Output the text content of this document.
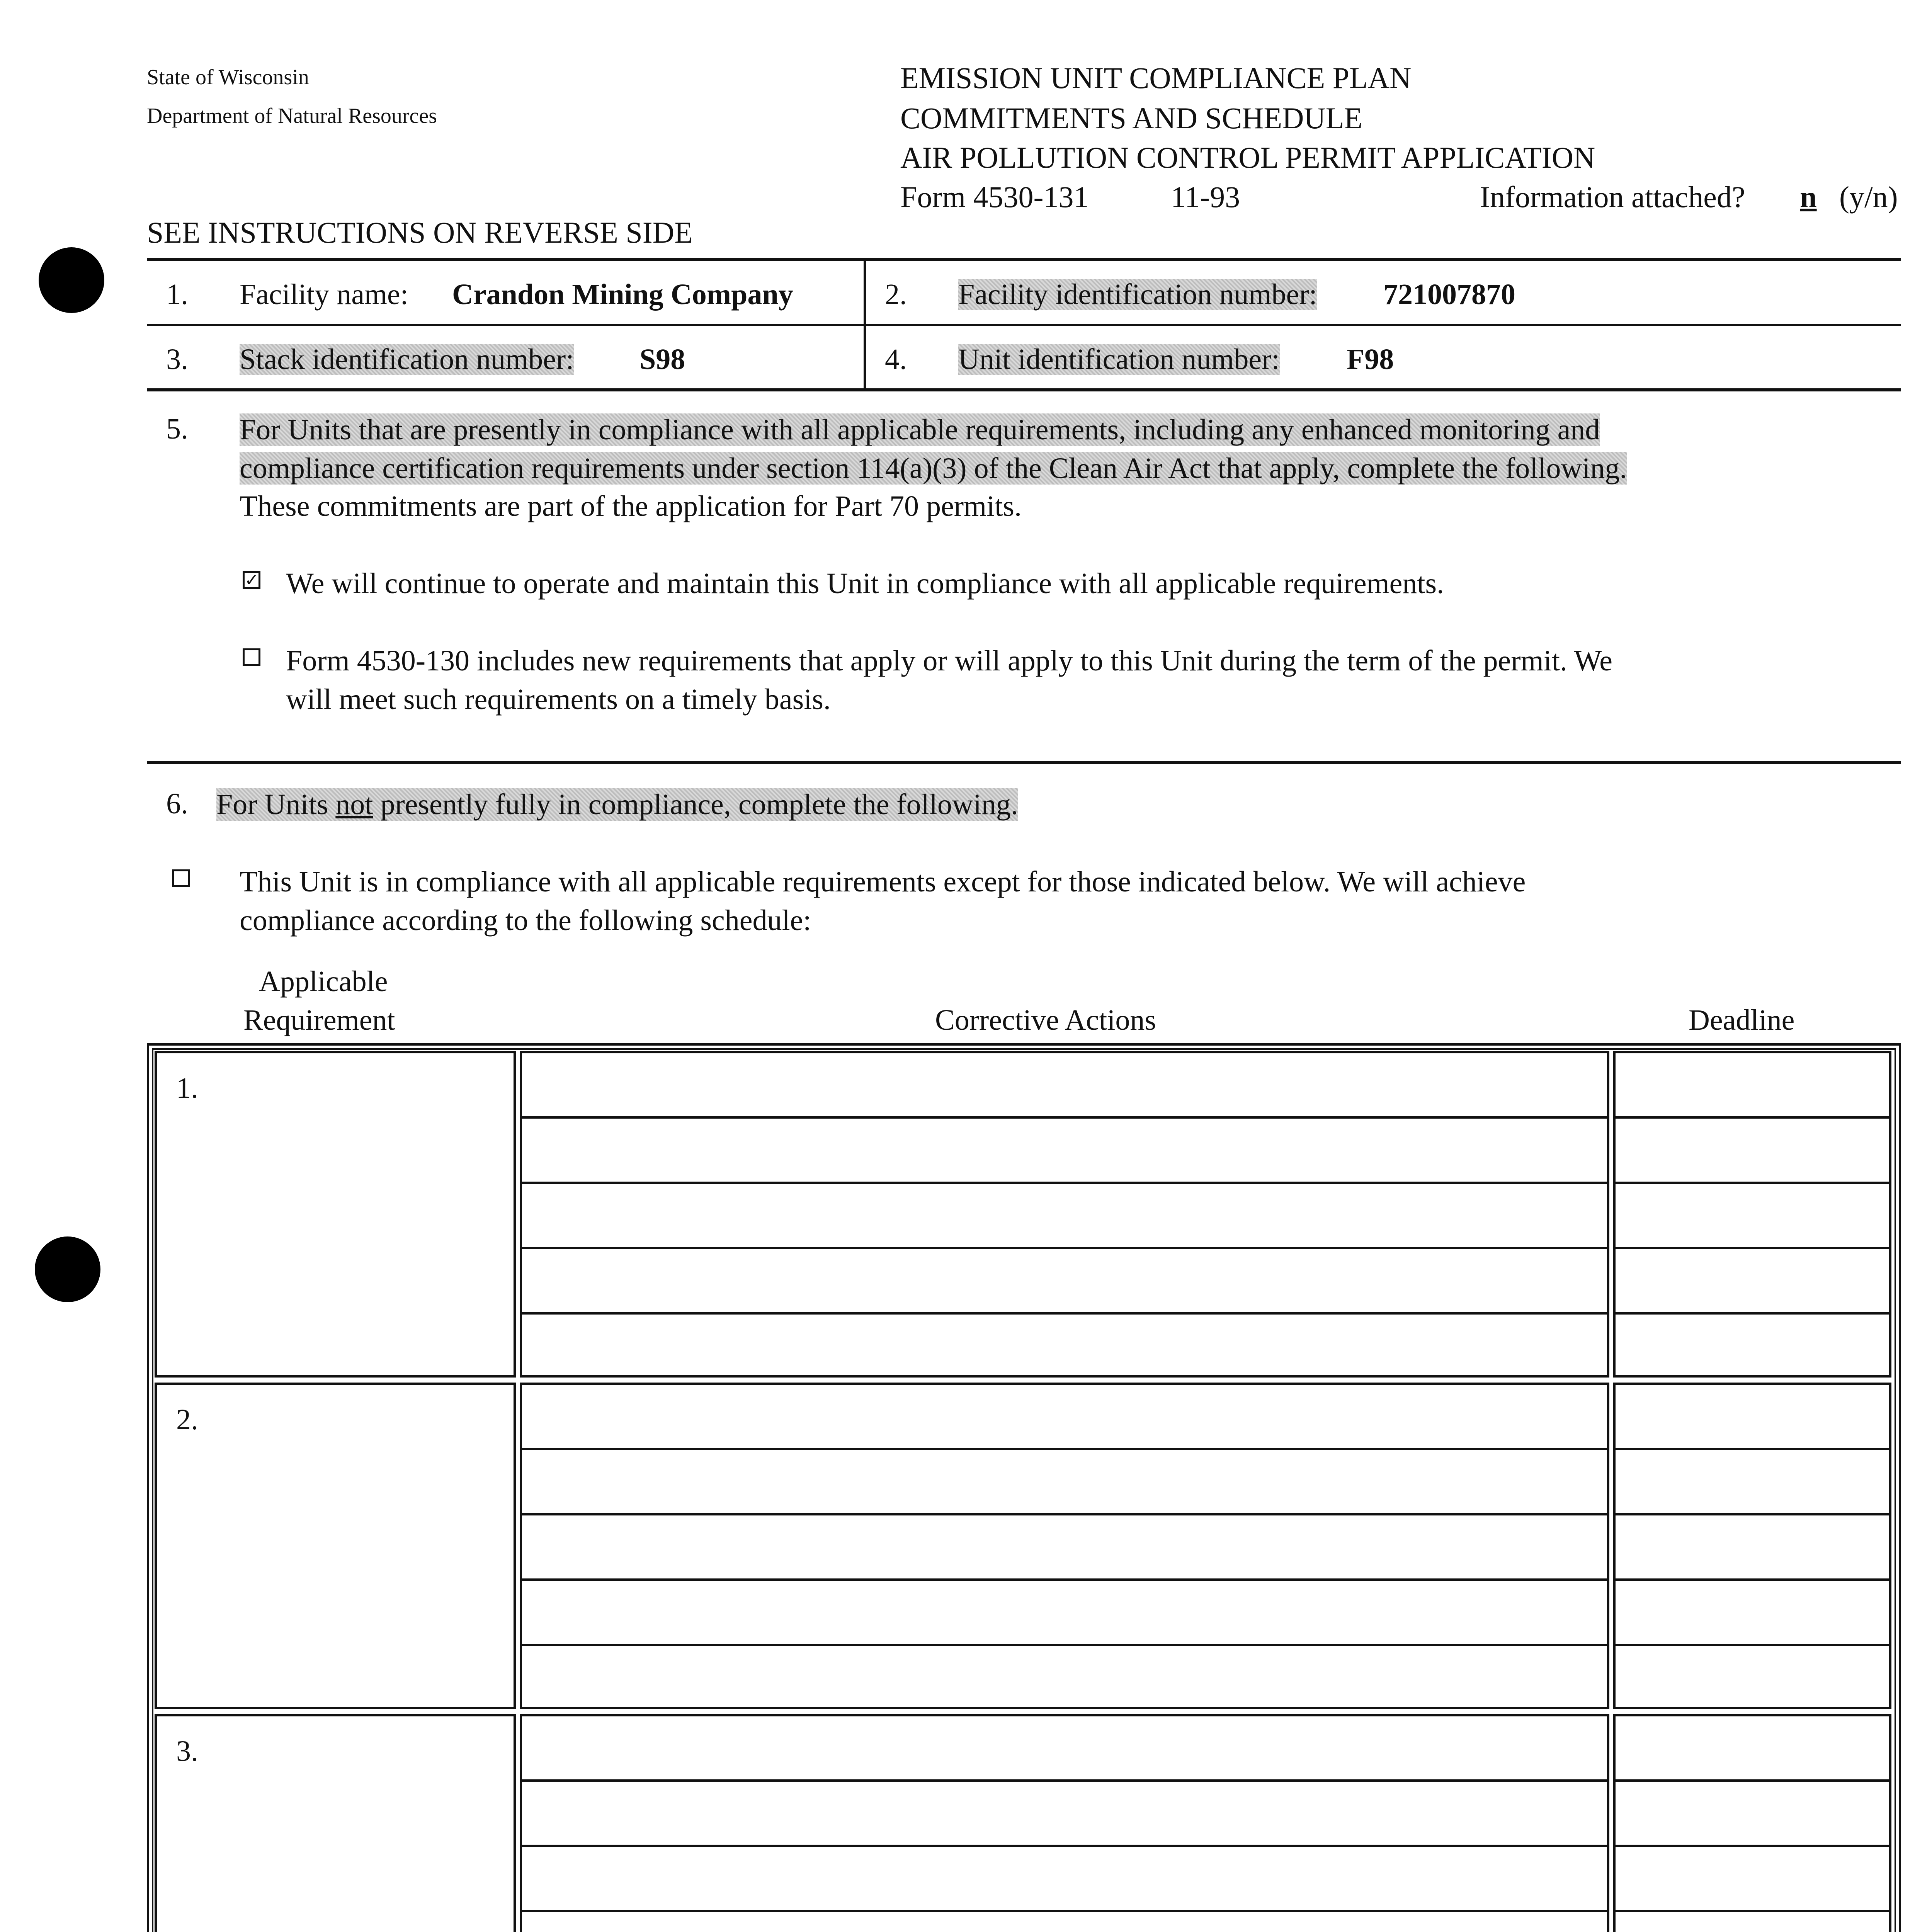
State of Wisconsin
Department of Natural Resources
EMISSION UNIT COMPLIANCE PLAN
COMMITMENTS AND SCHEDULE
AIR POLLUTION CONTROL PERMIT APPLICATION
Form 4530-131	11-93	Information attached?	n (y/n)
SEE INSTRUCTIONS ON REVERSE SIDE
1. Facility name: Crandon Mining Company	2. Facility identification number: 721007870
3. Stack identification number: S98	4. Unit identification number: F98
5. For Units that are presently in compliance with all applicable requirements, including any enhanced monitoring and
compliance certification requirements under section 114(a)(3) of the Clean Air Act that apply, complete the following.
These commitments are part of the application for Part 70 permits.
✓ We will continue to operate and maintain this Unit in compliance with all applicable requirements.
Form 4530-130 includes new requirements that apply or will apply to this Unit during the term of the permit. We
will meet such requirements on a timely basis.
6. For Units not presently fully in compliance, complete the following.
This Unit is in compliance with all applicable requirements except for those indicated below. We will achieve
compliance according to the following schedule:
Applicable
Requirement	Corrective Actions	Deadline
1.
2.
3.
